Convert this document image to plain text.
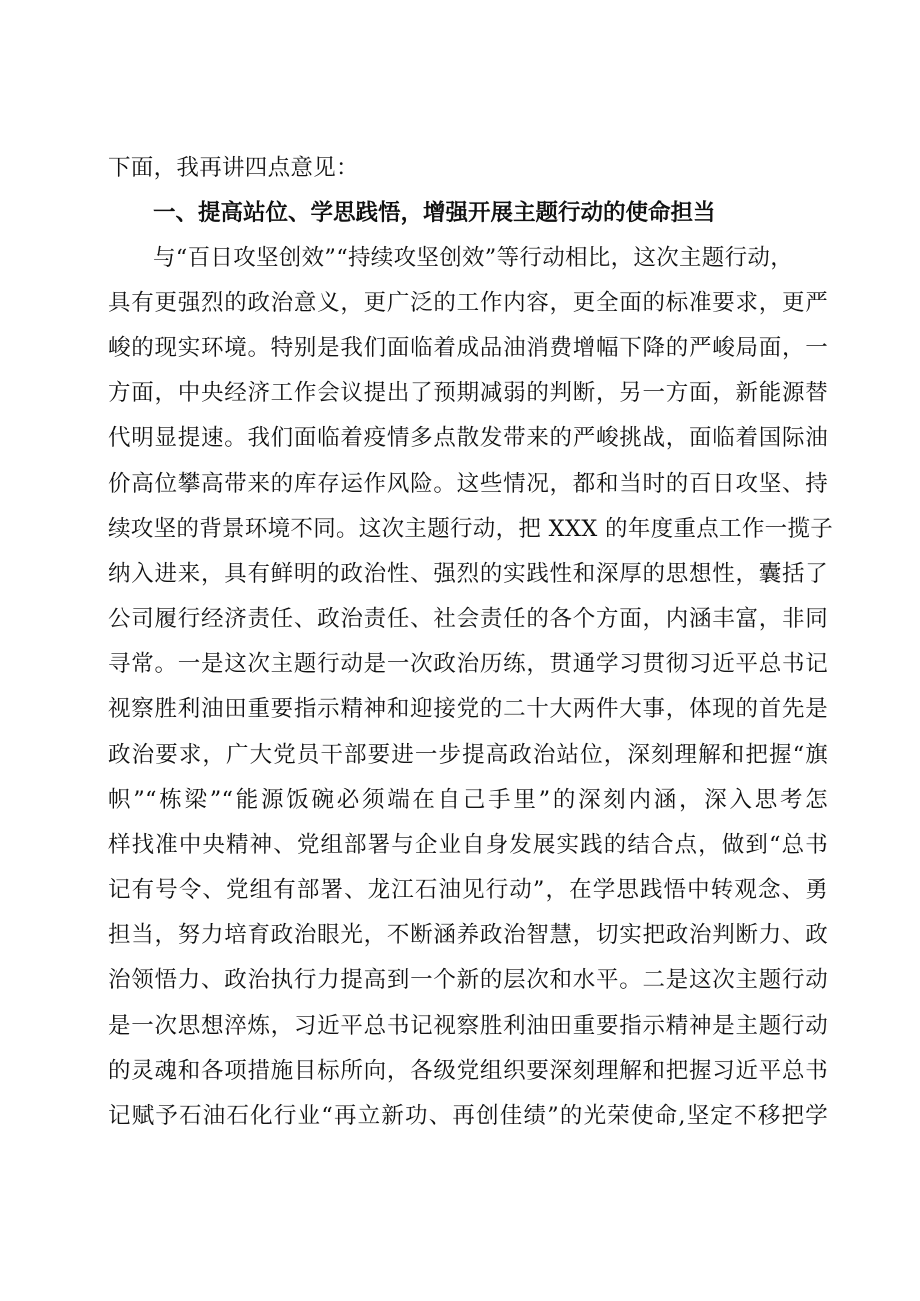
下面，我再讲四点意见：
一、提高站位、学思践悟，增强开展主题行动的使命担当
与“百日攻坚创效”“持续攻坚创效”等行动相比，这次主题行动，
具有更强烈的政治意义，更广泛的工作内容，更全面的标准要求，更严
峻的现实环境。特别是我们面临着成品油消费增幅下降的严峻局面，一
方面，中央经济工作会议提出了预期减弱的判断，另一方面，新能源替
代明显提速。我们面临着疫情多点散发带来的严峻挑战，面临着国际油
价高位攀高带来的库存运作风险。这些情况，都和当时的百日攻坚、持
续攻坚的背景环境不同。这次主题行动，把 XXX 的年度重点工作一揽子
纳入进来，具有鲜明的政治性、强烈的实践性和深厚的思想性，囊括了
公司履行经济责任、政治责任、社会责任的各个方面，内涵丰富，非同
寻常。一是这次主题行动是一次政治历练，贯通学习贯彻习近平总书记
视察胜利油田重要指示精神和迎接党的二十大两件大事，体现的首先是
政治要求，广大党员干部要进一步提高政治站位，深刻理解和把握“旗
帜”“栋梁”“能源饭碗必须端在自己手里”的深刻内涵，深入思考怎
样找准中央精神、党组部署与企业自身发展实践的结合点，做到“总书
记有号令、党组有部署、龙江石油见行动”，在学思践悟中转观念、勇
担当，努力培育政治眼光，不断涵养政治智慧，切实把政治判断力、政
治领悟力、政治执行力提高到一个新的层次和水平。二是这次主题行动
是一次思想淬炼，习近平总书记视察胜利油田重要指示精神是主题行动
的灵魂和各项措施目标所向，各级党组织要深刻理解和把握习近平总书
记赋予石油石化行业“再立新功、再创佳绩”的光荣使命,坚定不移把学
